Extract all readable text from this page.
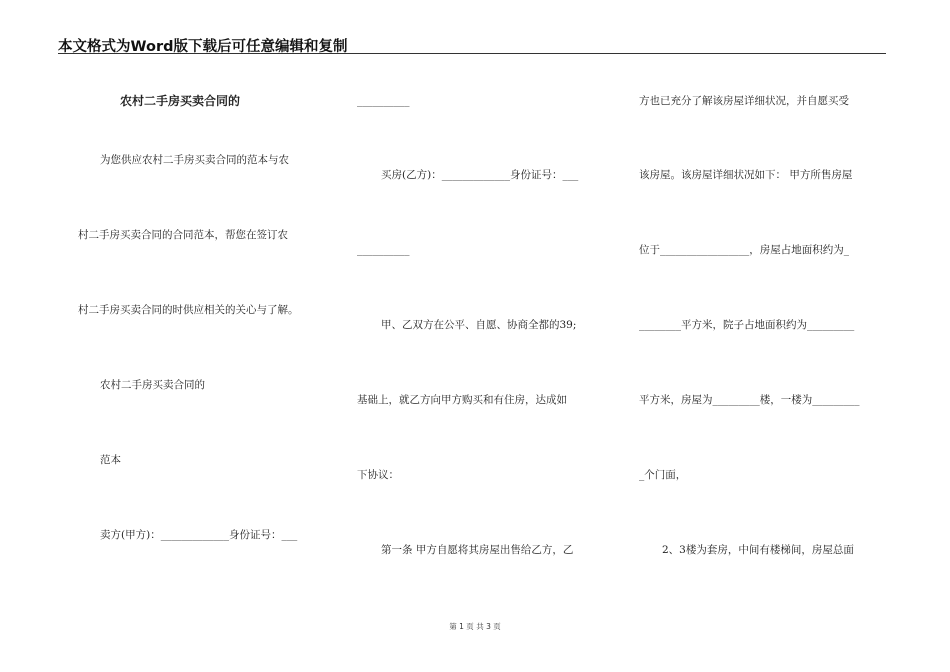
本文格式为Word版下载后可任意编辑和复制
农村二手房买卖合同的
为您供应农村二手房买卖合同的范本与农
村二手房买卖合同的合同范本，帮您在签订农
村二手房买卖合同的时供应相关的关心与了解。
农村二手房买卖合同的
范本
卖方(甲方)：_____________身份证号：___
__________
买房(乙方)：_____________身份证号：___
__________
甲、乙双方在公平、自愿、协商全都的39;
基础上，就乙方向甲方购买和有住房，达成如
下协议：
第一条 甲方自愿将其房屋出售给乙方，乙
方也已充分了解该房屋详细状况，并自愿买受
该房屋。该房屋详细状况如下： 甲方所售房屋
位于_________________，房屋占地面积约为_
________平方米，院子占地面积约为_________
平方米，房屋为_________楼，一楼为_________
_个门面，
2、3楼为套房，中间有楼梯间，房屋总面
第 1 页 共 3 页
